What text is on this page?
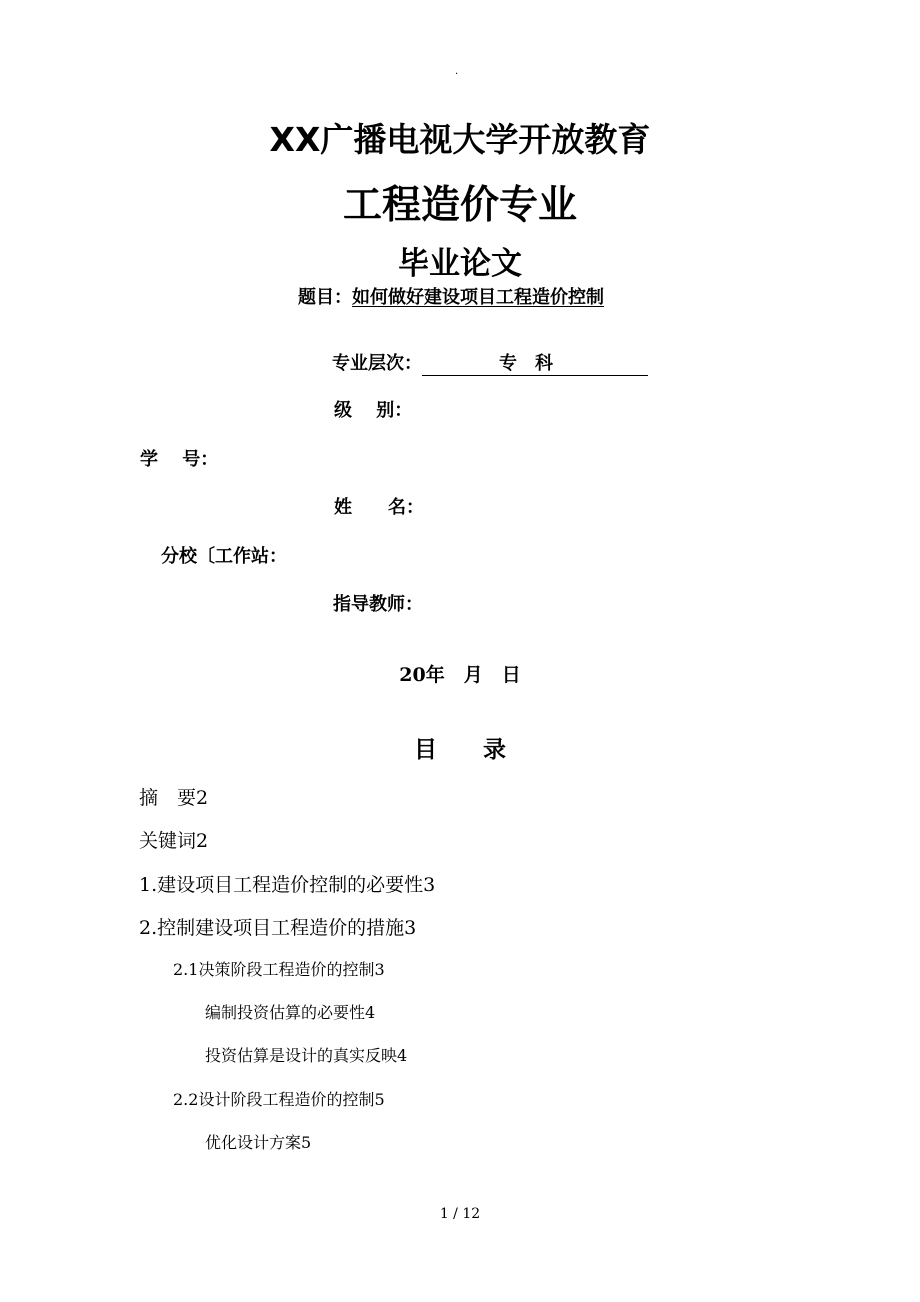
.
XX广播电视大学开放教育
工程造价专业
毕业论文
题目：如何做好建设项目工程造价控制
专业层次：	专科
级　 别：
学　 号：
姓　　名：
分校〔工作站：
指导教师：
20年　月　日
目　　录
摘　要2
关键词2
1.建设项目工程造价控制的必要性3
2.控制建设项目工程造价的措施3
2.1决策阶段工程造价的控制3
编制投资估算的必要性4
投资估算是设计的真实反映4
2.2设计阶段工程造价的控制5
优化设计方案5
1 / 12
